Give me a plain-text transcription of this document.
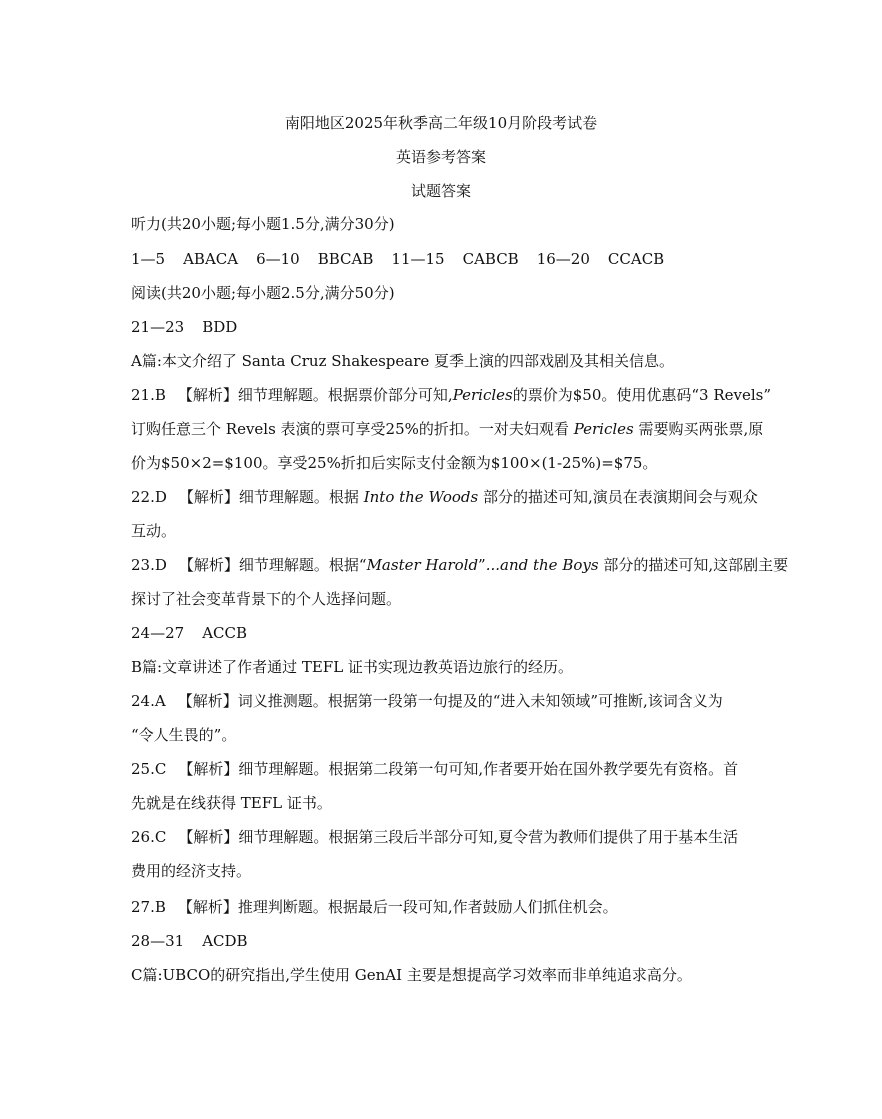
南阳地区2025年秋季高二年级10月阶段考试卷
英语参考答案
试题答案
听力(共20小题;每小题1.5分,满分30分)
1—5 ABACA 6—10 BBCAB 11—15 CABCB 16—20 CCACB
阅读(共20小题;每小题2.5分,满分50分)
21—23 BDD
A篇:本文介绍了 Santa Cruz Shakespeare 夏季上演的四部戏剧及其相关信息。
21.B 【解析】细节理解题。根据票价部分可知,Pericles的票价为$50。使用优惠码“3 Revels”
订购任意三个 Revels 表演的票可享受25%的折扣。一对夫妇观看 Pericles 需要购买两张票,原
价为$50×2=$100。享受25%折扣后实际支付金额为$100×(1-25%)=$75。
22.D 【解析】细节理解题。根据 Into the Woods 部分的描述可知,演员在表演期间会与观众
互动。
23.D 【解析】细节理解题。根据“Master Harold”...and the Boys 部分的描述可知,这部剧主要
探讨了社会变革背景下的个人选择问题。
24—27 ACCB
B篇:文章讲述了作者通过 TEFL 证书实现边教英语边旅行的经历。
24.A 【解析】词义推测题。根据第一段第一句提及的“进入未知领域”可推断,该词含义为
“令人生畏的”。
25.C 【解析】细节理解题。根据第二段第一句可知,作者要开始在国外教学要先有资格。首
先就是在线获得 TEFL 证书。
26.C 【解析】细节理解题。根据第三段后半部分可知,夏令营为教师们提供了用于基本生活
费用的经济支持。
27.B 【解析】推理判断题。根据最后一段可知,作者鼓励人们抓住机会。
28—31 ACDB
C篇:UBCO的研究指出,学生使用 GenAI 主要是想提高学习效率而非单纯追求高分。
